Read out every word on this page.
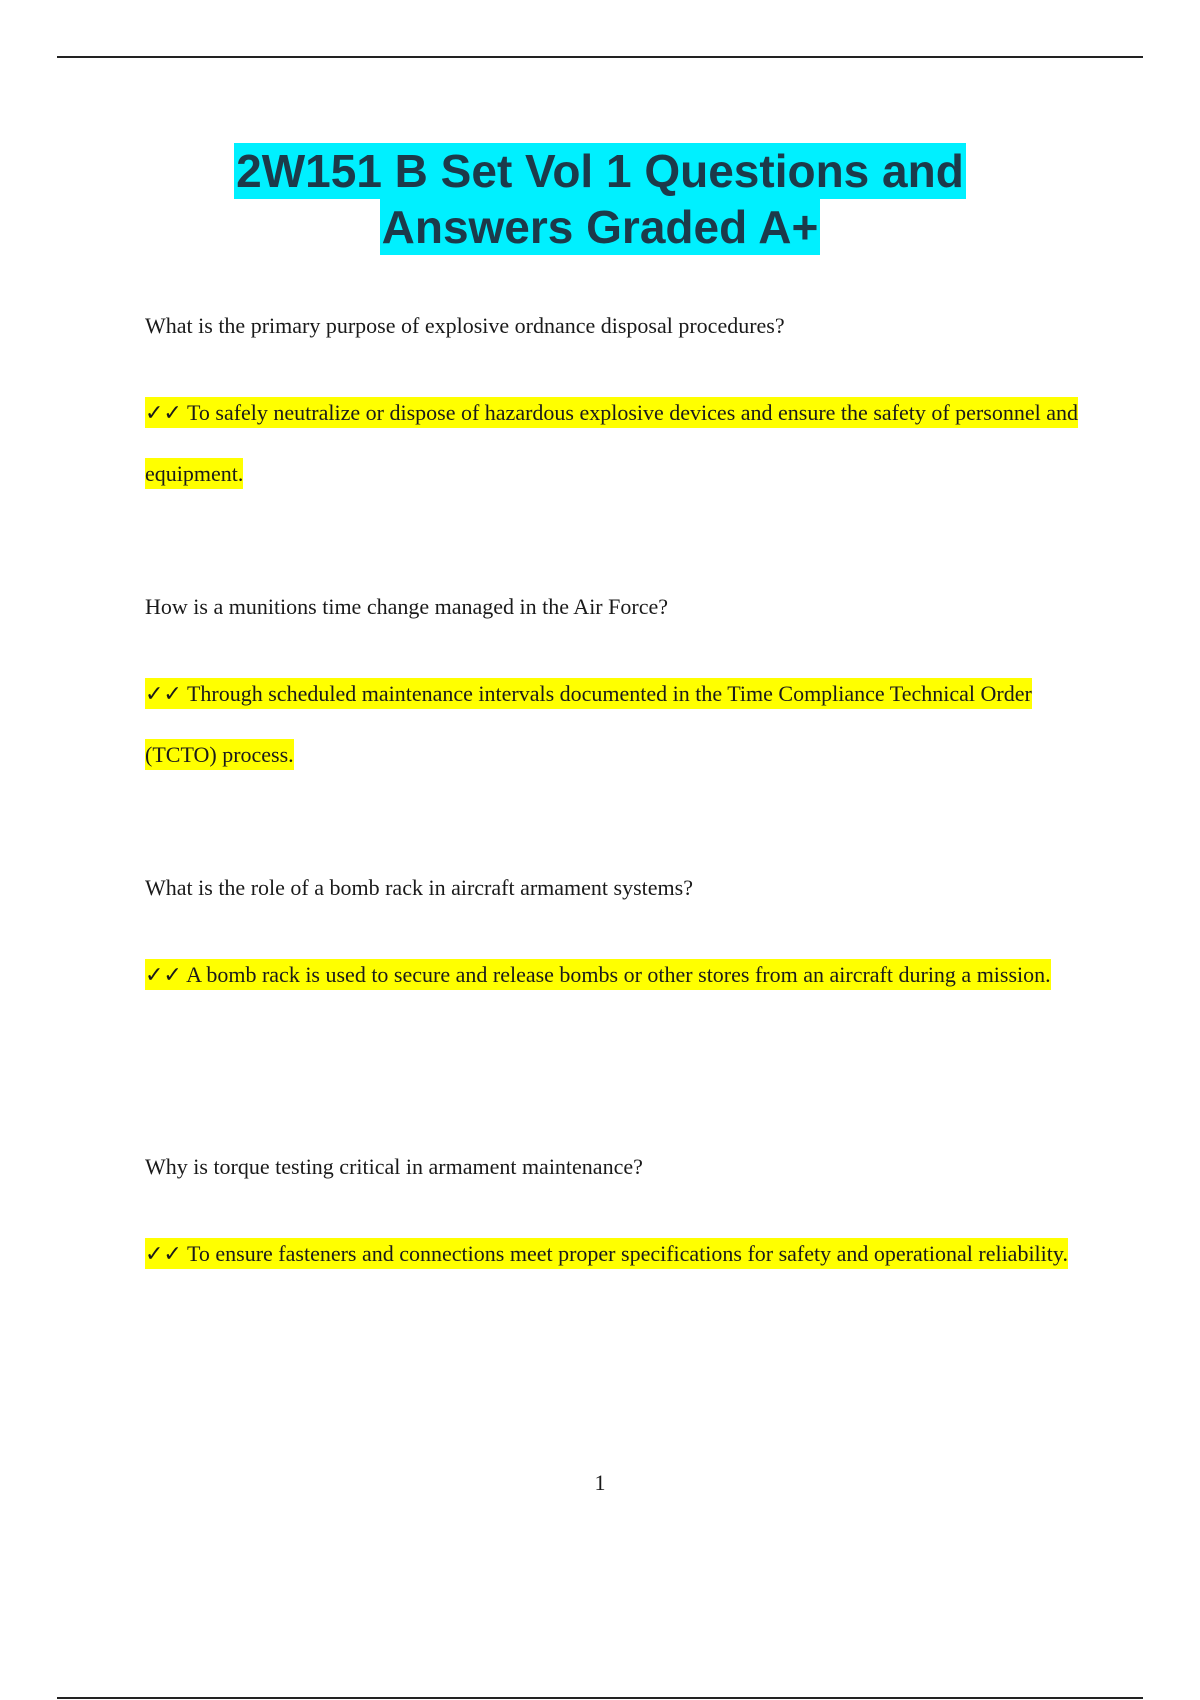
2W151 B Set Vol 1 Questions and
Answers Graded A+

What is the primary purpose of explosive ordnance disposal procedures?

✓✓ To safely neutralize or dispose of hazardous explosive devices and ensure the safety of personnel and equipment.

How is a munitions time change managed in the Air Force?

✓✓ Through scheduled maintenance intervals documented in the Time Compliance Technical Order (TCTO) process.

What is the role of a bomb rack in aircraft armament systems?

✓✓ A bomb rack is used to secure and release bombs or other stores from an aircraft during a mission.

Why is torque testing critical in armament maintenance?

✓✓ To ensure fasteners and connections meet proper specifications for safety and operational reliability.
1
